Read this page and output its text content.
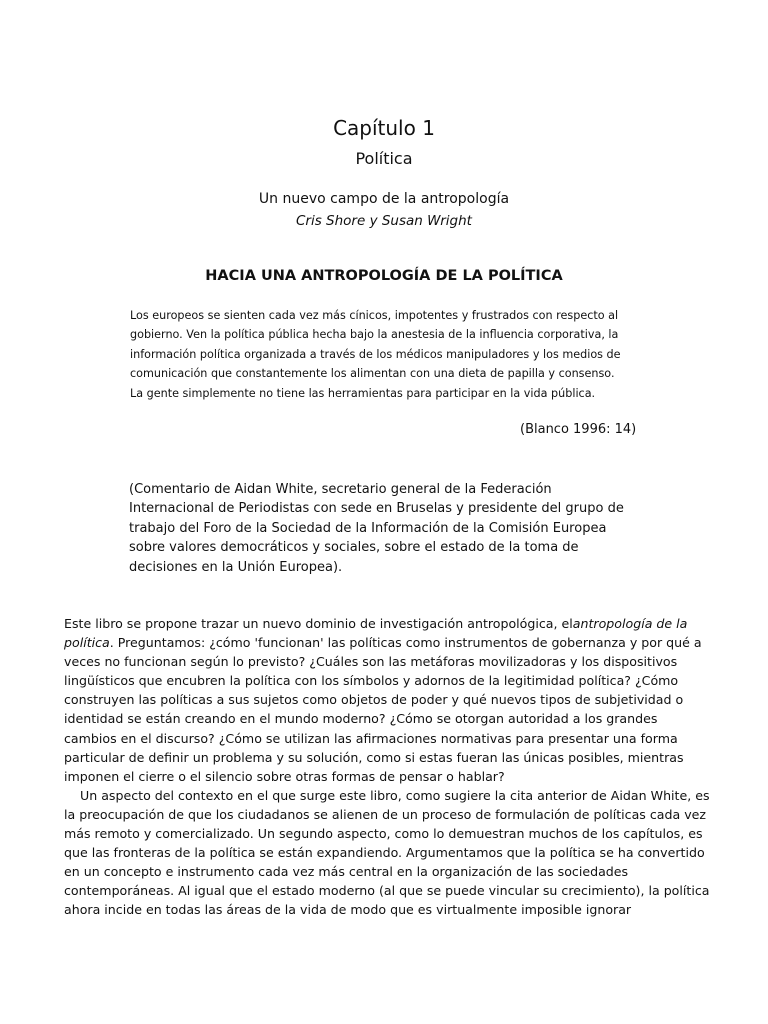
Capítulo 1
Política
Un nuevo campo de la antropología
Cris Shore y Susan Wright
HACIA UNA ANTROPOLOGÍA DE LA POLÍTICA
Los europeos se sienten cada vez más cínicos, impotentes y frustrados con respecto al
gobierno. Ven la política pública hecha bajo la anestesia de la influencia corporativa, la
información política organizada a través de los médicos manipuladores y los medios de
comunicación que constantemente los alimentan con una dieta de papilla y consenso.
La gente simplemente no tiene las herramientas para participar en la vida pública.
(Blanco 1996: 14)
(Comentario de Aidan White, secretario general de la Federación
Internacional de Periodistas con sede en Bruselas y presidente del grupo de
trabajo del Foro de la Sociedad de la Información de la Comisión Europea
sobre valores democráticos y sociales, sobre el estado de la toma de
decisiones en la Unión Europea).
Este libro se propone trazar un nuevo dominio de investigación antropológica, elantropología de la
política. Preguntamos: ¿cómo 'funcionan' las políticas como instrumentos de gobernanza y por qué a
veces no funcionan según lo previsto? ¿Cuáles son las metáforas movilizadoras y los dispositivos
lingüísticos que encubren la política con los símbolos y adornos de la legitimidad política? ¿Cómo
construyen las políticas a sus sujetos como objetos de poder y qué nuevos tipos de subjetividad o
identidad se están creando en el mundo moderno? ¿Cómo se otorgan autoridad a los grandes
cambios en el discurso? ¿Cómo se utilizan las afirmaciones normativas para presentar una forma
particular de definir un problema y su solución, como si estas fueran las únicas posibles, mientras
imponen el cierre o el silencio sobre otras formas de pensar o hablar?
Un aspecto del contexto en el que surge este libro, como sugiere la cita anterior de Aidan White, es
la preocupación de que los ciudadanos se alienen de un proceso de formulación de políticas cada vez
más remoto y comercializado. Un segundo aspecto, como lo demuestran muchos de los capítulos, es
que las fronteras de la política se están expandiendo. Argumentamos que la política se ha convertido
en un concepto e instrumento cada vez más central en la organización de las sociedades
contemporáneas. Al igual que el estado moderno (al que se puede vincular su crecimiento), la política
ahora incide en todas las áreas de la vida de modo que es virtualmente imposible ignorar
